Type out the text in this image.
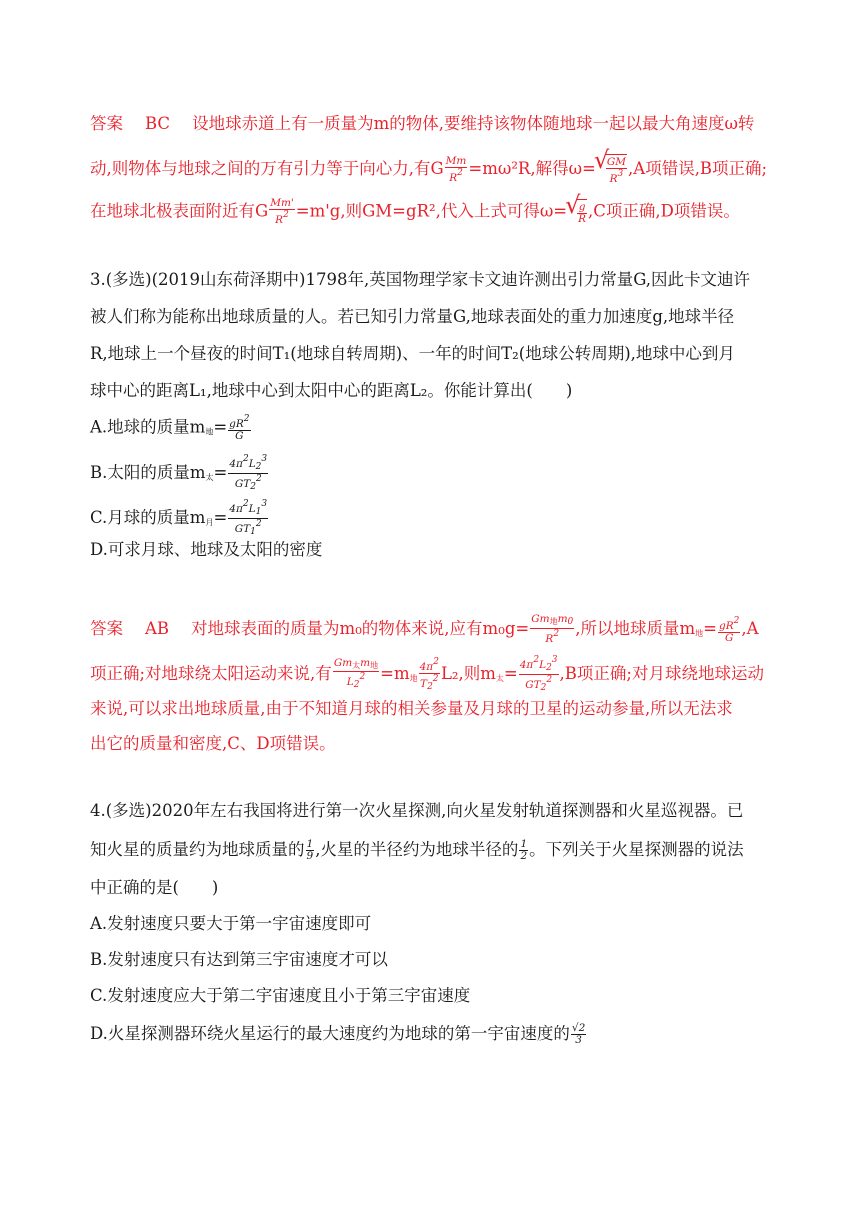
答案 BC 设地球赤道上有一质量为m的物体,要维持该物体随地球一起以最大角速度ω转
动,则物体与地球之间的万有引力等于向心力,有G $\frac{Mm}{R2} =m\omega^2R$,解得ω= √ $\frac{GM}{R3} ,A$项错误,B项正确;
在地球北极表面附近有G $\frac{Mm'}{R2} =m'g$,则GM=gR²,代入上式可得ω= √ $\frac{g}{R} ,C$项正确,D项错误。
3.(多选)(2019山东荷泽期中)1798年,英国物理学家卡文迪许测出引力常量G,因此卡文迪许
被人们称为能称出地球质量的人。若已知引力常量G,地球表面处的重力加速度g,地球半径
R,地球上一个昼夜的时间T₁(地球自转周期)、一年的时间T₂(地球公转周期),地球中心到月
球中心的距离L₁,地球中心到太阳中心的距离L₂。你能计算出(　　)
A.地球的质量m地= $\frac{gR2}{G}$
B.太阳的质量m太= $\frac{4\pi 2L23}{GT22}$
C.月球的质量m月= $\frac{4\pi 2L13}{GT12}$
D.可求月球、地球及太阳的密度
答案 AB 对地球表面的质量为m₀的物体来说,应有$m_0g= \frac{\text{Gm地m0}}{R2}$ ,所以地球质量m地= $\frac{gR2}{G} ,A$
项正确;对地球绕太阳运动来说,有 $\frac{\text{Gm太m地}}{L22} =m$地 $\frac{4\pi 2}{T22} L_2$,则m太= $\frac{4\pi 2L23}{GT22} ,B$项正确;对月球绕地球运动
来说,可以求出地球质量,由于不知道月球的相关参量及月球的卫星的运动参量,所以无法求
出它的质量和密度,C、D项错误。
4.(多选)2020年左右我国将进行第一次火星探测,向火星发射轨道探测器和火星巡视器。已
知火星的质量约为地球质量的 $\frac{1}{9}$ ,火星的半径约为地球半径的 $\frac{1}{2}$ 。下列关于火星探测器的说法
中正确的是(　　)
A.发射速度只要大于第一宇宙速度即可
B.发射速度只有达到第三宇宙速度才可以
C.发射速度应大于第二宇宙速度且小于第三宇宙速度
D.火星探测器环绕火星运行的最大速度约为地球的第一宇宙速度的 $\frac{√2}{3}$
